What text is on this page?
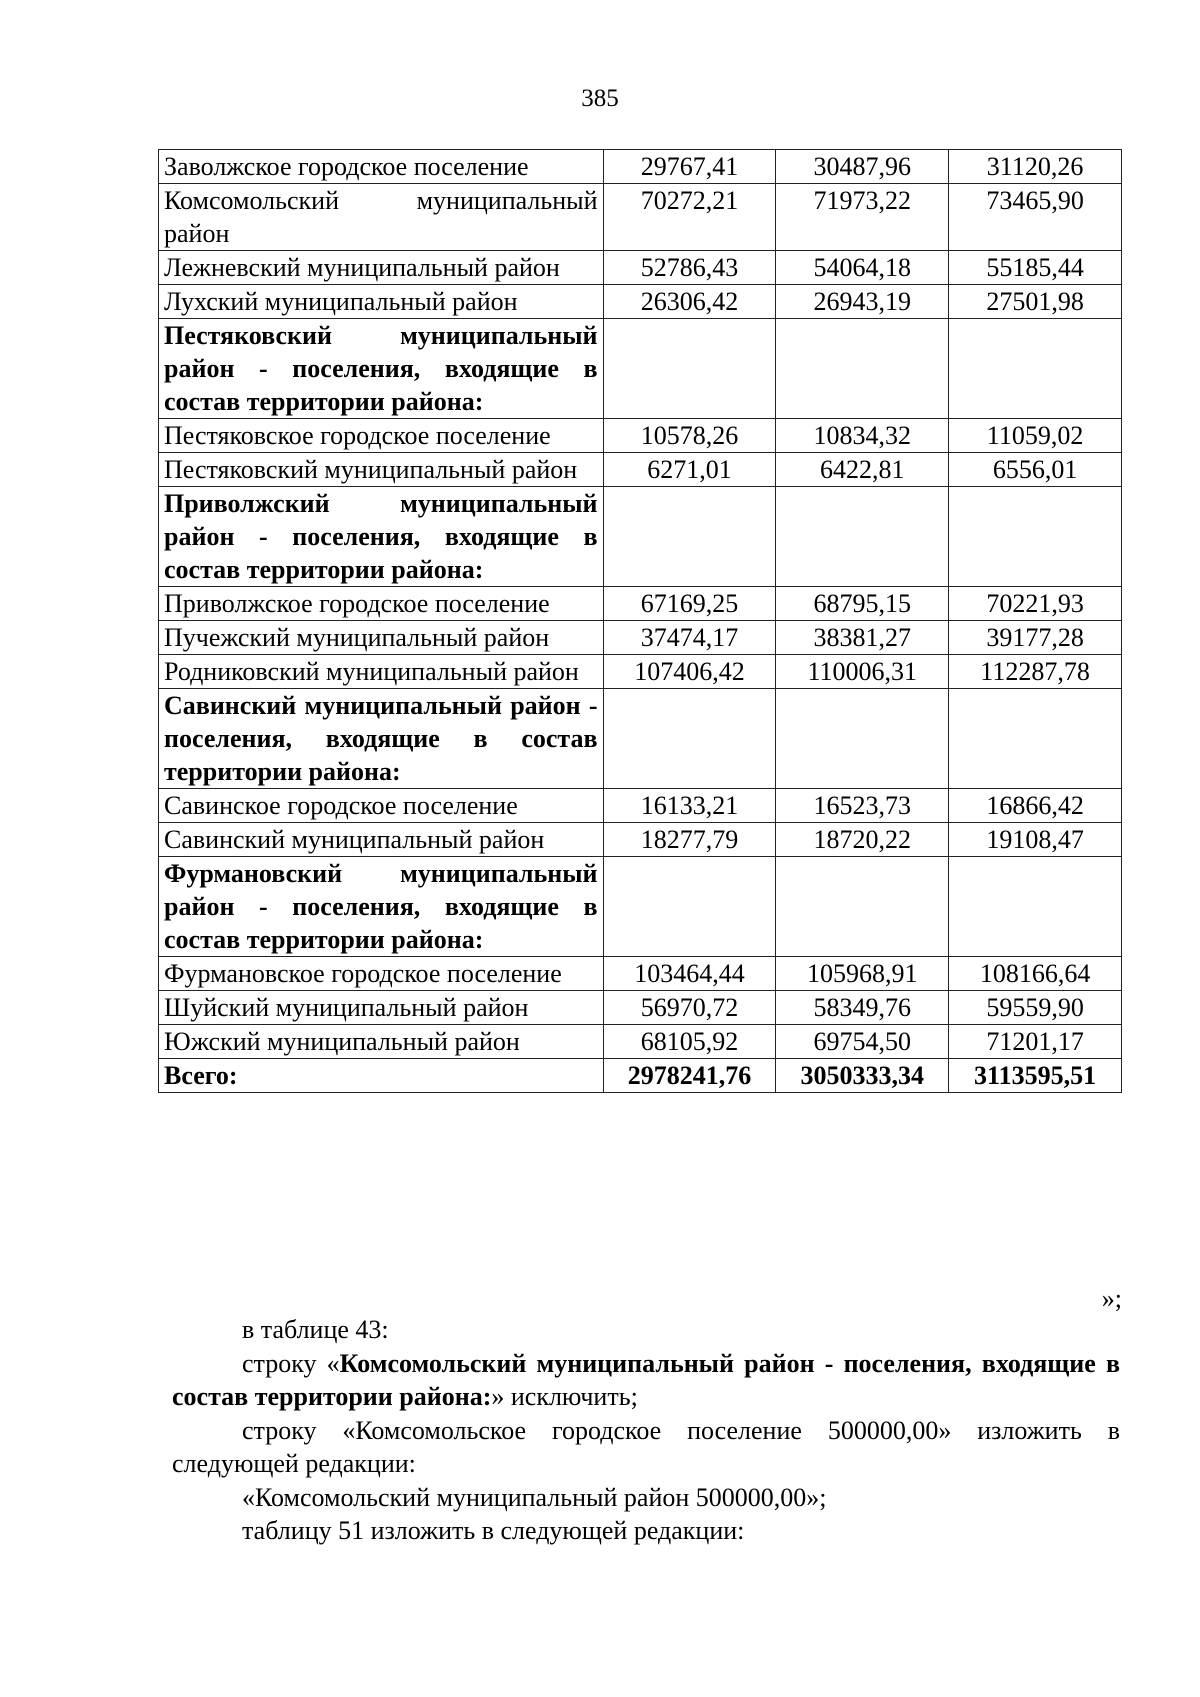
385
Заволжское городское поселение	29767,41	30487,96	31120,26
Комсомольский муниципальный район	70272,21	71973,22	73465,90
Лежневский муниципальный район	52786,43	54064,18	55185,44
Лухский муниципальный район	26306,42	26943,19	27501,98
Пестяковский муниципальный район - поселения, входящие в состав территории района:			
Пестяковское городское поселение	10578,26	10834,32	11059,02
Пестяковский муниципальный район	6271,01	6422,81	6556,01
Приволжский муниципальный район - поселения, входящие в состав территории района:			
Приволжское городское поселение	67169,25	68795,15	70221,93
Пучежский муниципальный район	37474,17	38381,27	39177,28
Родниковский муниципальный район	107406,42	110006,31	112287,78
Савинский муниципальный район - поселения, входящие в состав территории района:			
Савинское городское поселение	16133,21	16523,73	16866,42
Савинский муниципальный район	18277,79	18720,22	19108,47
Фурмановский муниципальный район - поселения, входящие в состав территории района:			
Фурмановское городское поселение	103464,44	105968,91	108166,64
Шуйский муниципальный район	56970,72	58349,76	59559,90
Южский муниципальный район	68105,92	69754,50	71201,17
Всего:	2978241,76	3050333,34	3113595,51
»;

в таблице 43:

строку «Комсомольский муниципальный район - поселения, входящие в состав территории района:» исключить;

строку «Комсомольское городское поселение 500000,00» изложить в следующей редакции:

«Комсомольский муниципальный район 500000,00»;

таблицу 51 изложить в следующей редакции:
